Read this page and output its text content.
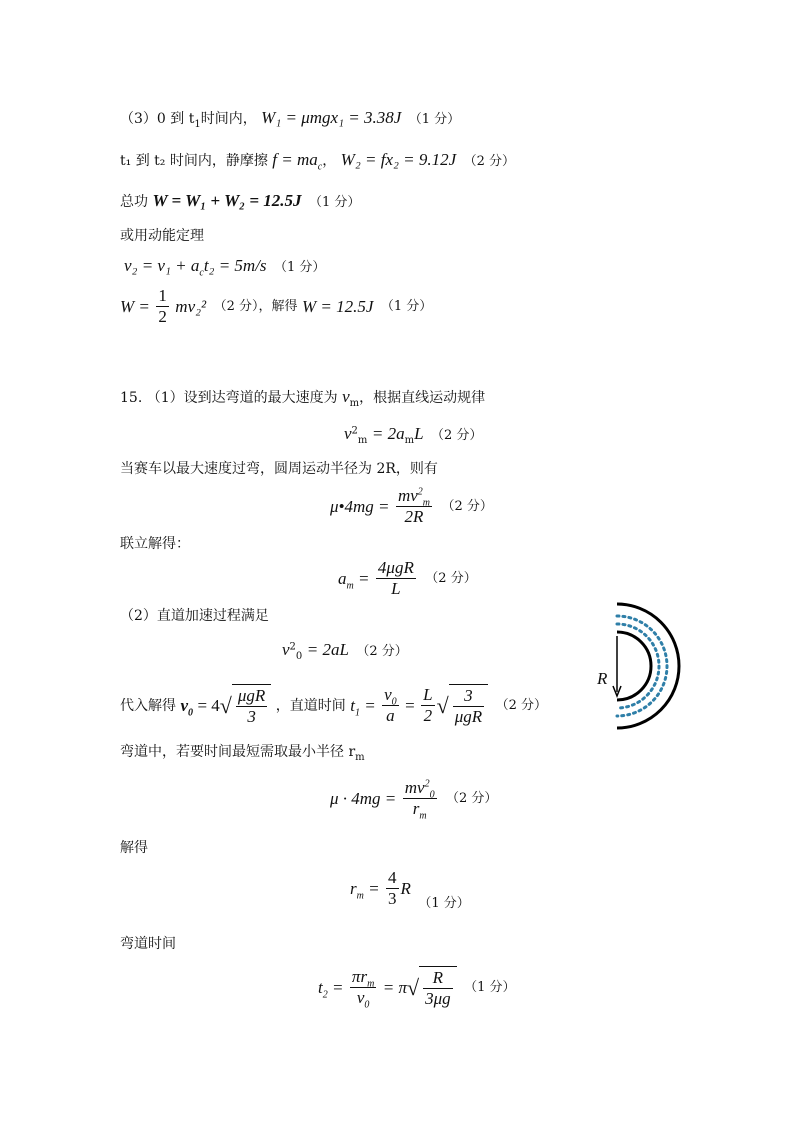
（3）0 到 $t_1$时间内， W₁ = μmgx₁ = 3.38J （1 分）
t₁ 到 t₂ 时间内，静摩擦 $f = ma_c$， W₂ = fx₂ = 9.12J （2 分）
总功 W = W₁ + W₂ = 12.5J （1 分）
或用动能定理
$v_2 = v_1 + a_ct_2 = 5m/s$ （1 分）
$W = \frac{1}{2} mv_2^2$ （2 分），解得 W = 12.5J （1 分）
15. （1）设到达弯道的最大速度为 $v_m$，根据直线运动规律
$v^2_m = 2a_mL$ （2 分）
当赛车以最大速度过弯，圆周运动半径为 2R，则有
μ•4mg = $\frac{mv^2_m}{2R} (2$ 分）
联立解得：
$a_m = \frac{\text{4μgR}}{L} (2$ 分）
（2）直道加速过程满足
$v^2_0 = 2aL$ （2 分）
代入解得 $v_0 = 4$ √ $\frac{\text{μgR}}{3}$ ，直道时间 $t_1 = \frac{v_0}{a} = \frac{L}{2}$ √ $\frac{3}{\text{μgR}} (2$ 分）
弯道中，若要时间最短需取最小半径 $r_m$
$\mu \cdot 4mg = \frac{mv^2_0}{r_m} (2$ 分）
解得
$r_m = \frac{4}{3}$ R （1 分）
弯道时间
$t_2 = \frac{\pi r_m}{v_0} = \pi$ √ $\frac{R}{3\mu g} (1$ 分）
R
